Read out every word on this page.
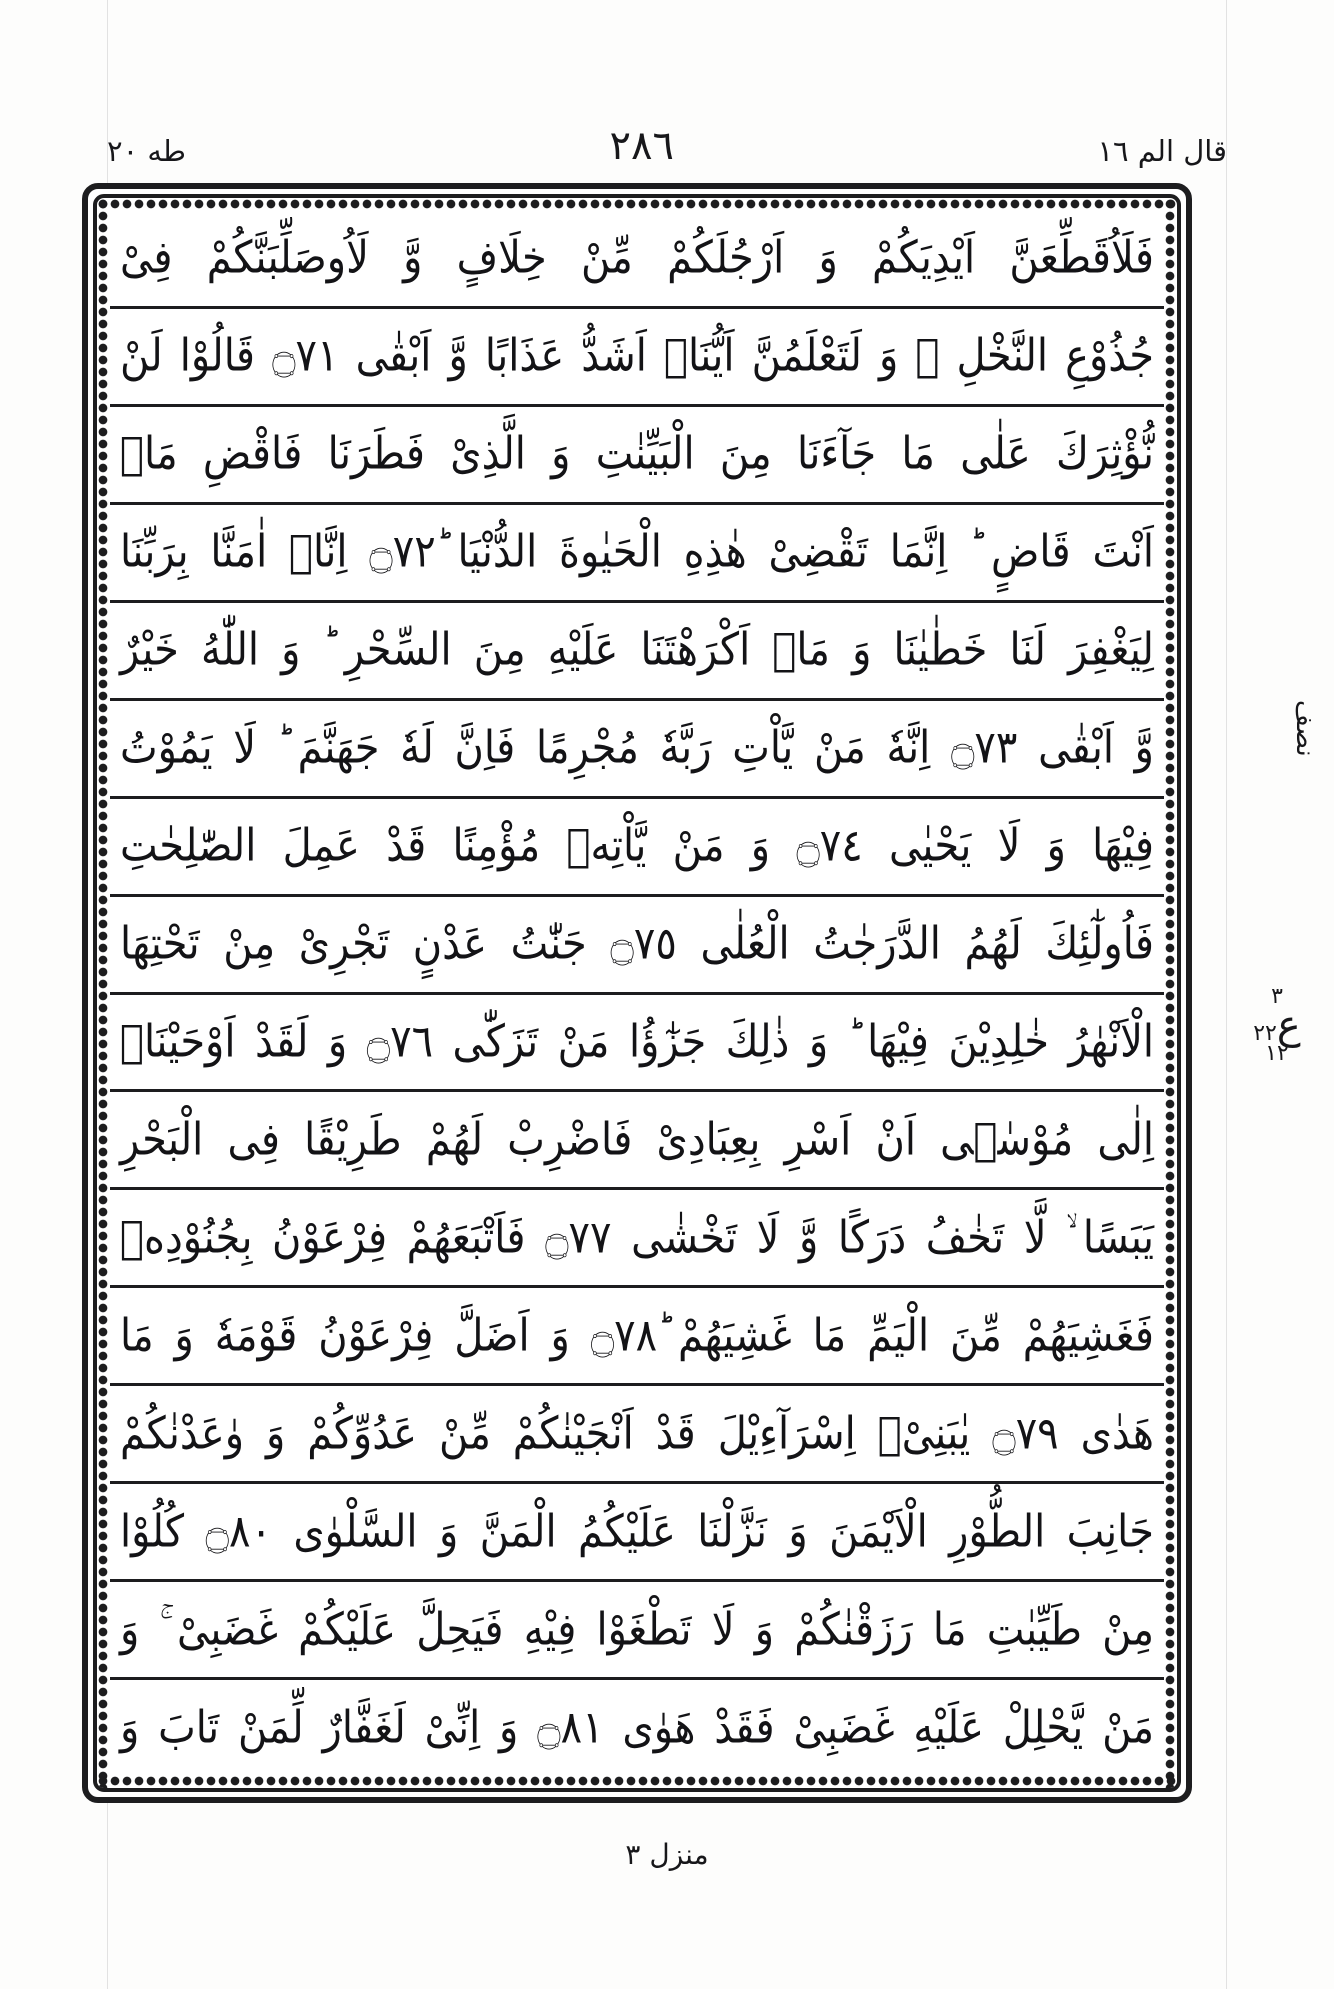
قال الم ١٦
٢٨٦
طه ٢٠
فَلَاُقَطِّعَنَّ اَيْدِيَكُمْ وَ اَرْجُلَكُمْ مِّنْ خِلَافٍ وَّ لَاُوصَلِّبَنَّكُمْ فِىْ
جُذُوْعِ النَّخْلِ ۫ وَ لَتَعْلَمُنَّ اَيُّنَاۤ اَشَدُّ عَذَابًا وَّ اَبْقٰى ۝٧١ قَالُوْا لَنْ
نُّؤْثِرَكَ عَلٰى مَا جَآءَنَا مِنَ الْبَيِّنٰتِ وَ الَّذِىْ فَطَرَنَا فَاقْضِ مَاۤ
اَنْتَ قَاضٍ ؕ اِنَّمَا تَقْضِىْ هٰذِهِ الْحَيٰوةَ الدُّنْيَا ؕ۝٧٢ اِنَّاۤ اٰمَنَّا بِرَبِّنَا
لِيَغْفِرَ لَنَا خَطٰيٰنَا وَ مَاۤ اَكْرَهْتَنَا عَلَيْهِ مِنَ السِّحْرِ ؕ وَ اللّٰهُ خَيْرٌ
وَّ اَبْقٰى ۝٧٣ اِنَّهٗ مَنْ يَّاْتِ رَبَّهٗ مُجْرِمًا فَاِنَّ لَهٗ جَهَنَّمَ ؕ لَا يَمُوْتُ
فِيْهَا وَ لَا يَحْيٰى ۝٧٤ وَ مَنْ يَّاْتِهٖ مُؤْمِنًا قَدْ عَمِلَ الصّٰلِحٰتِ
فَاُولٰٓئِكَ لَهُمُ الدَّرَجٰتُ الْعُلٰى ۝٧٥ جَنّٰتُ عَدْنٍ تَجْرِىْ مِنْ تَحْتِهَا
الْاَنْهٰرُ خٰلِدِيْنَ فِيْهَا ؕ وَ ذٰلِكَ جَزٰٓؤُا مَنْ تَزَكّٰى ۝٧٦ وَ لَقَدْ اَوْحَيْنَاۤ
اِلٰى مُوْسٰۤى اَنْ اَسْرِ بِعِبَادِىْ فَاضْرِبْ لَهُمْ طَرِيْقًا فِى الْبَحْرِ
يَبَسًا ۙ لَّا تَخٰفُ دَرَكًا وَّ لَا تَخْشٰى ۝٧٧ فَاَتْبَعَهُمْ فِرْعَوْنُ بِجُنُوْدِهٖ
فَغَشِيَهُمْ مِّنَ الْيَمِّ مَا غَشِيَهُمْ ؕ۝٧٨ وَ اَضَلَّ فِرْعَوْنُ قَوْمَهٗ وَ مَا
هَدٰى ۝٧٩ يٰبَنِىْۤ اِسْرَآءِيْلَ قَدْ اَنْجَيْنٰكُمْ مِّنْ عَدُوِّكُمْ وَ وٰعَدْنٰكُمْ
جَانِبَ الطُّوْرِ الْاَيْمَنَ وَ نَزَّلْنَا عَلَيْكُمُ الْمَنَّ وَ السَّلْوٰى ۝٨٠ كُلُوْا
مِنْ طَيِّبٰتِ مَا رَزَقْنٰكُمْ وَ لَا تَطْغَوْا فِيْهِ فَيَحِلَّ عَلَيْكُمْ غَضَبِىْ ۚ وَ
مَنْ يَّحْلِلْ عَلَيْهِ غَضَبِىْ فَقَدْ هَوٰى ۝٨١ وَ اِنِّىْ لَغَفَّارٌ لِّمَنْ تَابَ وَ
نصف
٣
ع٢٢
١٢
منزل ٣
